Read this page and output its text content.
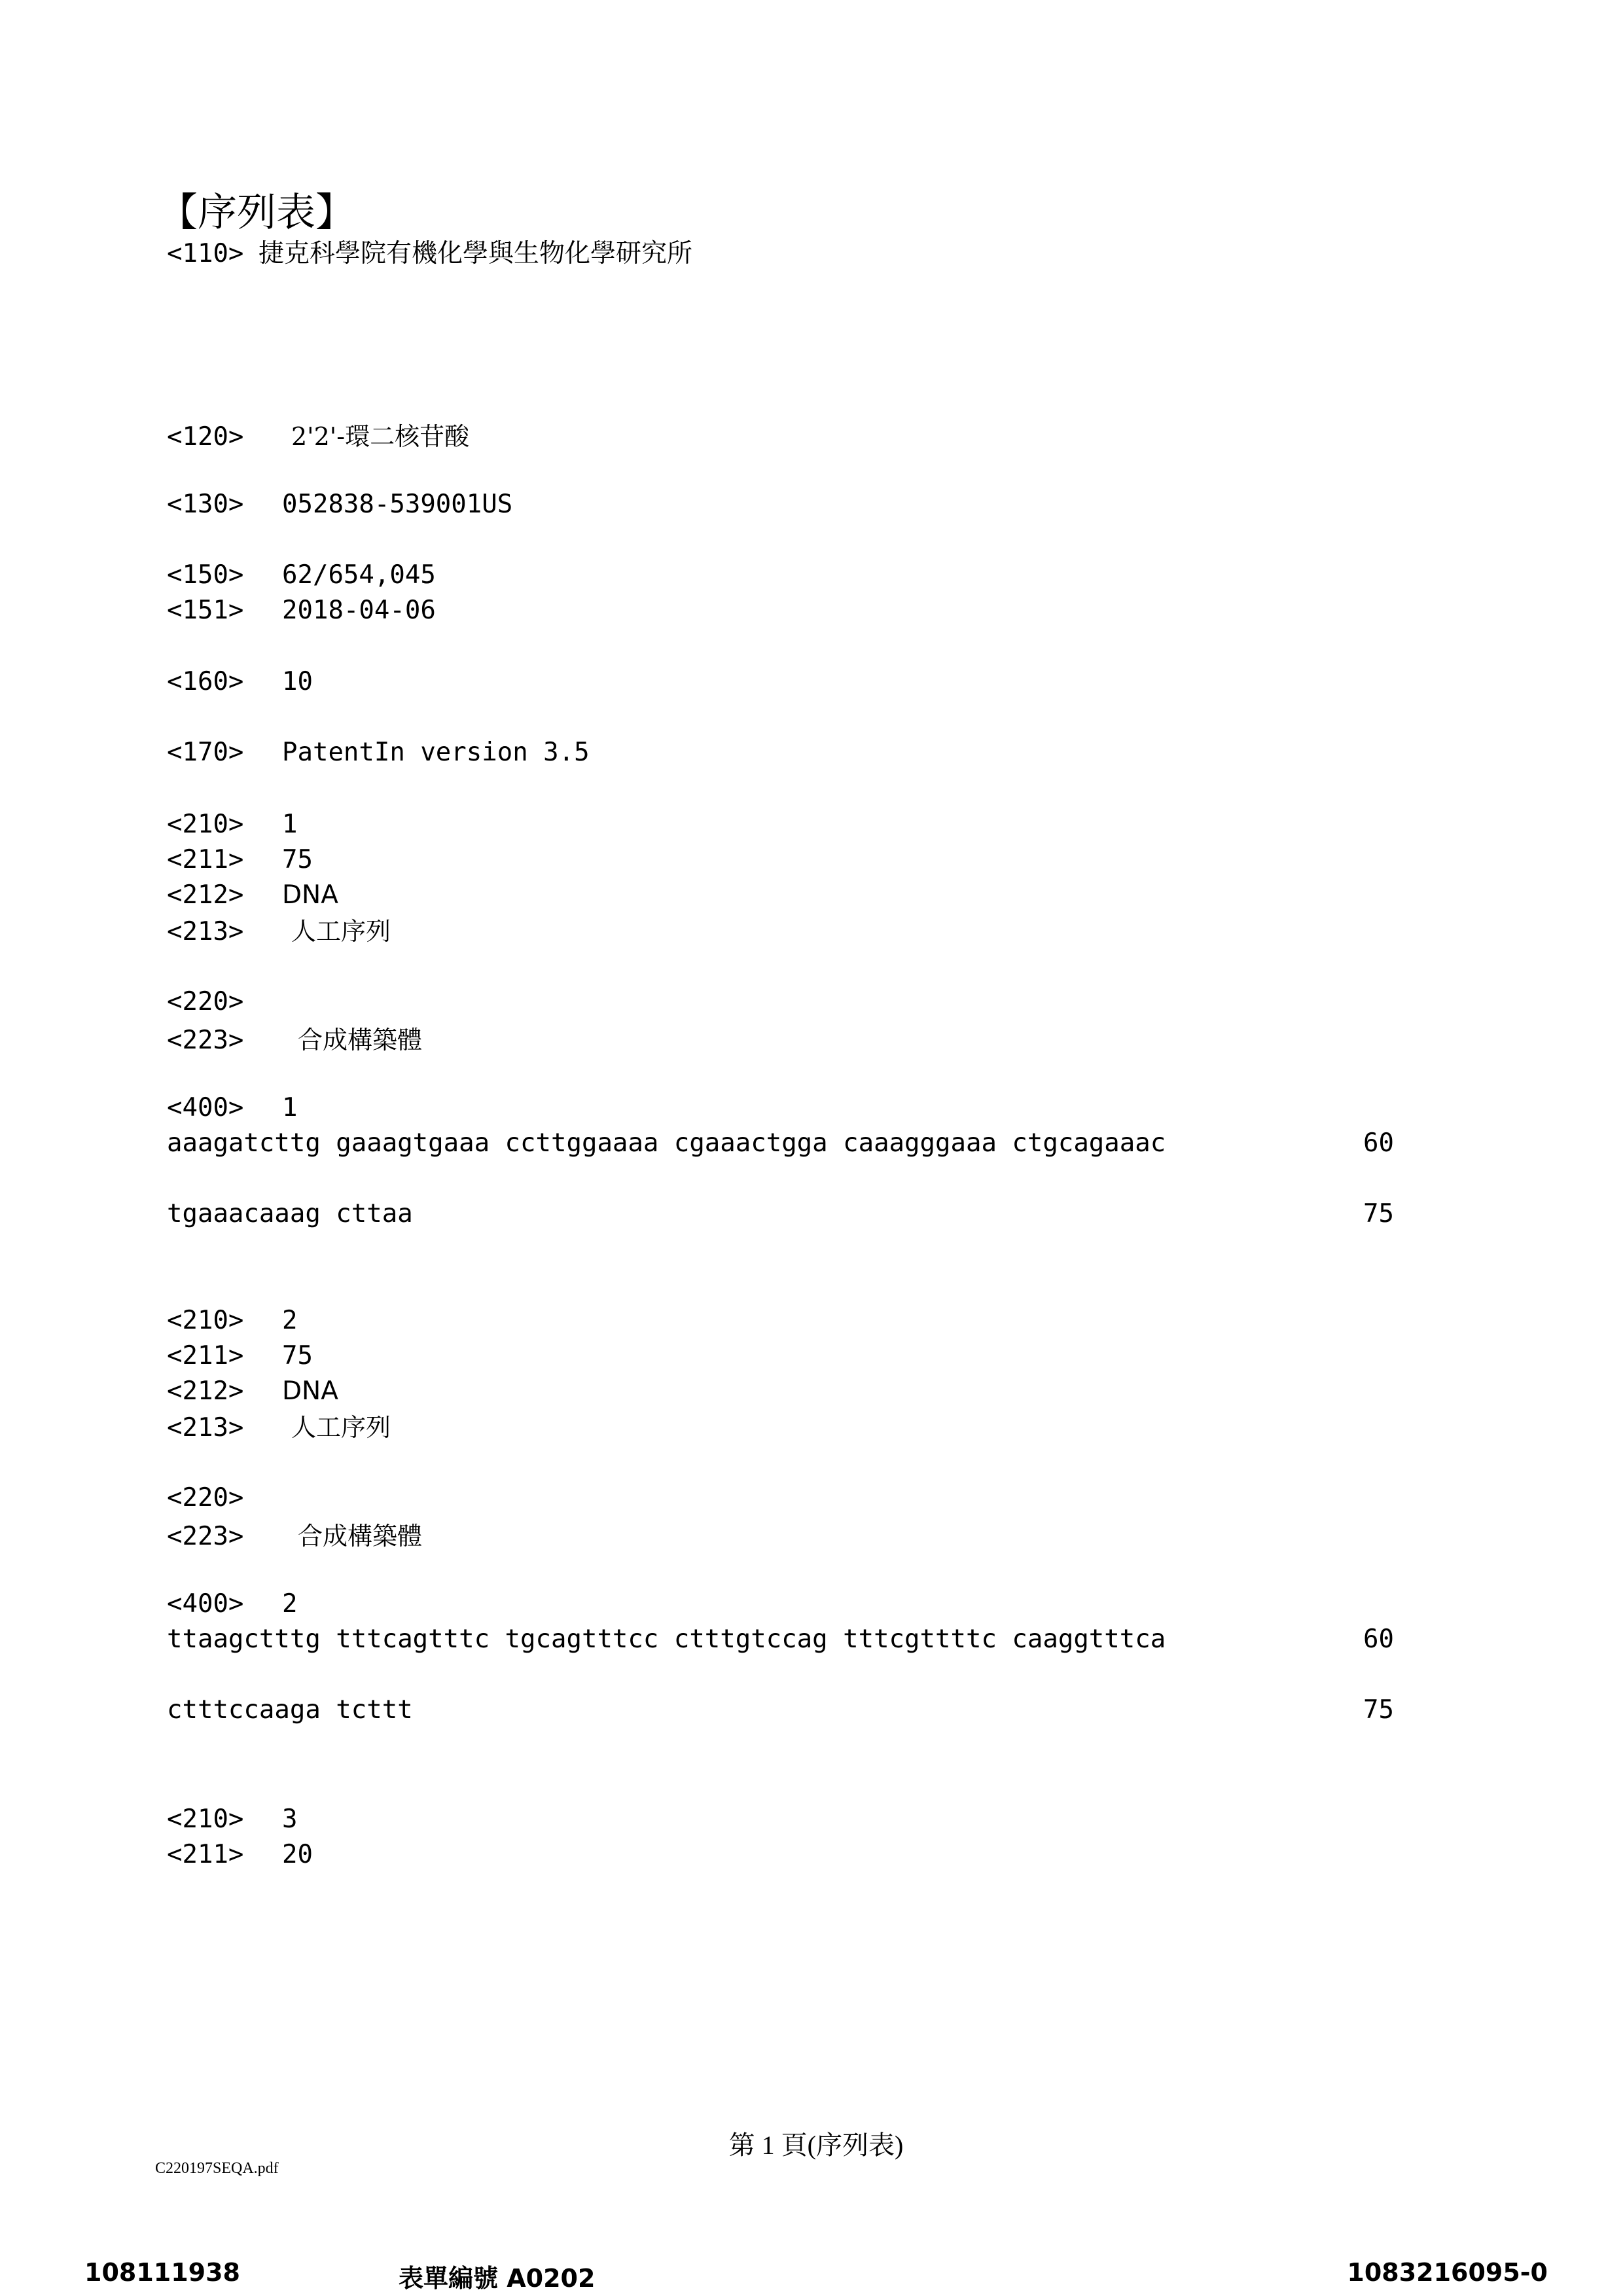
【序列表】
<110> 捷克科學院有機化學與生物化學研究所
<120> 2'2'-環二核苷酸
<130> 052838-539001US
<150> 62/654,045
<151> 2018-04-06
<160> 10
<170> PatentIn version 3.5
<210> 1
<211> 75
<212> DNA
<213> 人工序列
<220>
<223> 合成構築體
<400> 1
aaagatcttg gaaagtgaaa ccttggaaaa cgaaactgga caaagggaaa ctgcagaaac	60
tgaaacaaag cttaa	75
<210> 2
<211> 75
<212> DNA
<213> 人工序列
<220>
<223> 合成構築體
<400> 2
ttaagctttg tttcagtttc tgcagtttcc ctttgtccag tttcgttttc caaggtttca	60
ctttccaaga tcttt	75
<210> 3
<211> 20
第 1 頁(序列表)
C220197SEQA.pdf
108111938	表單編號 A0202	1083216095-0
